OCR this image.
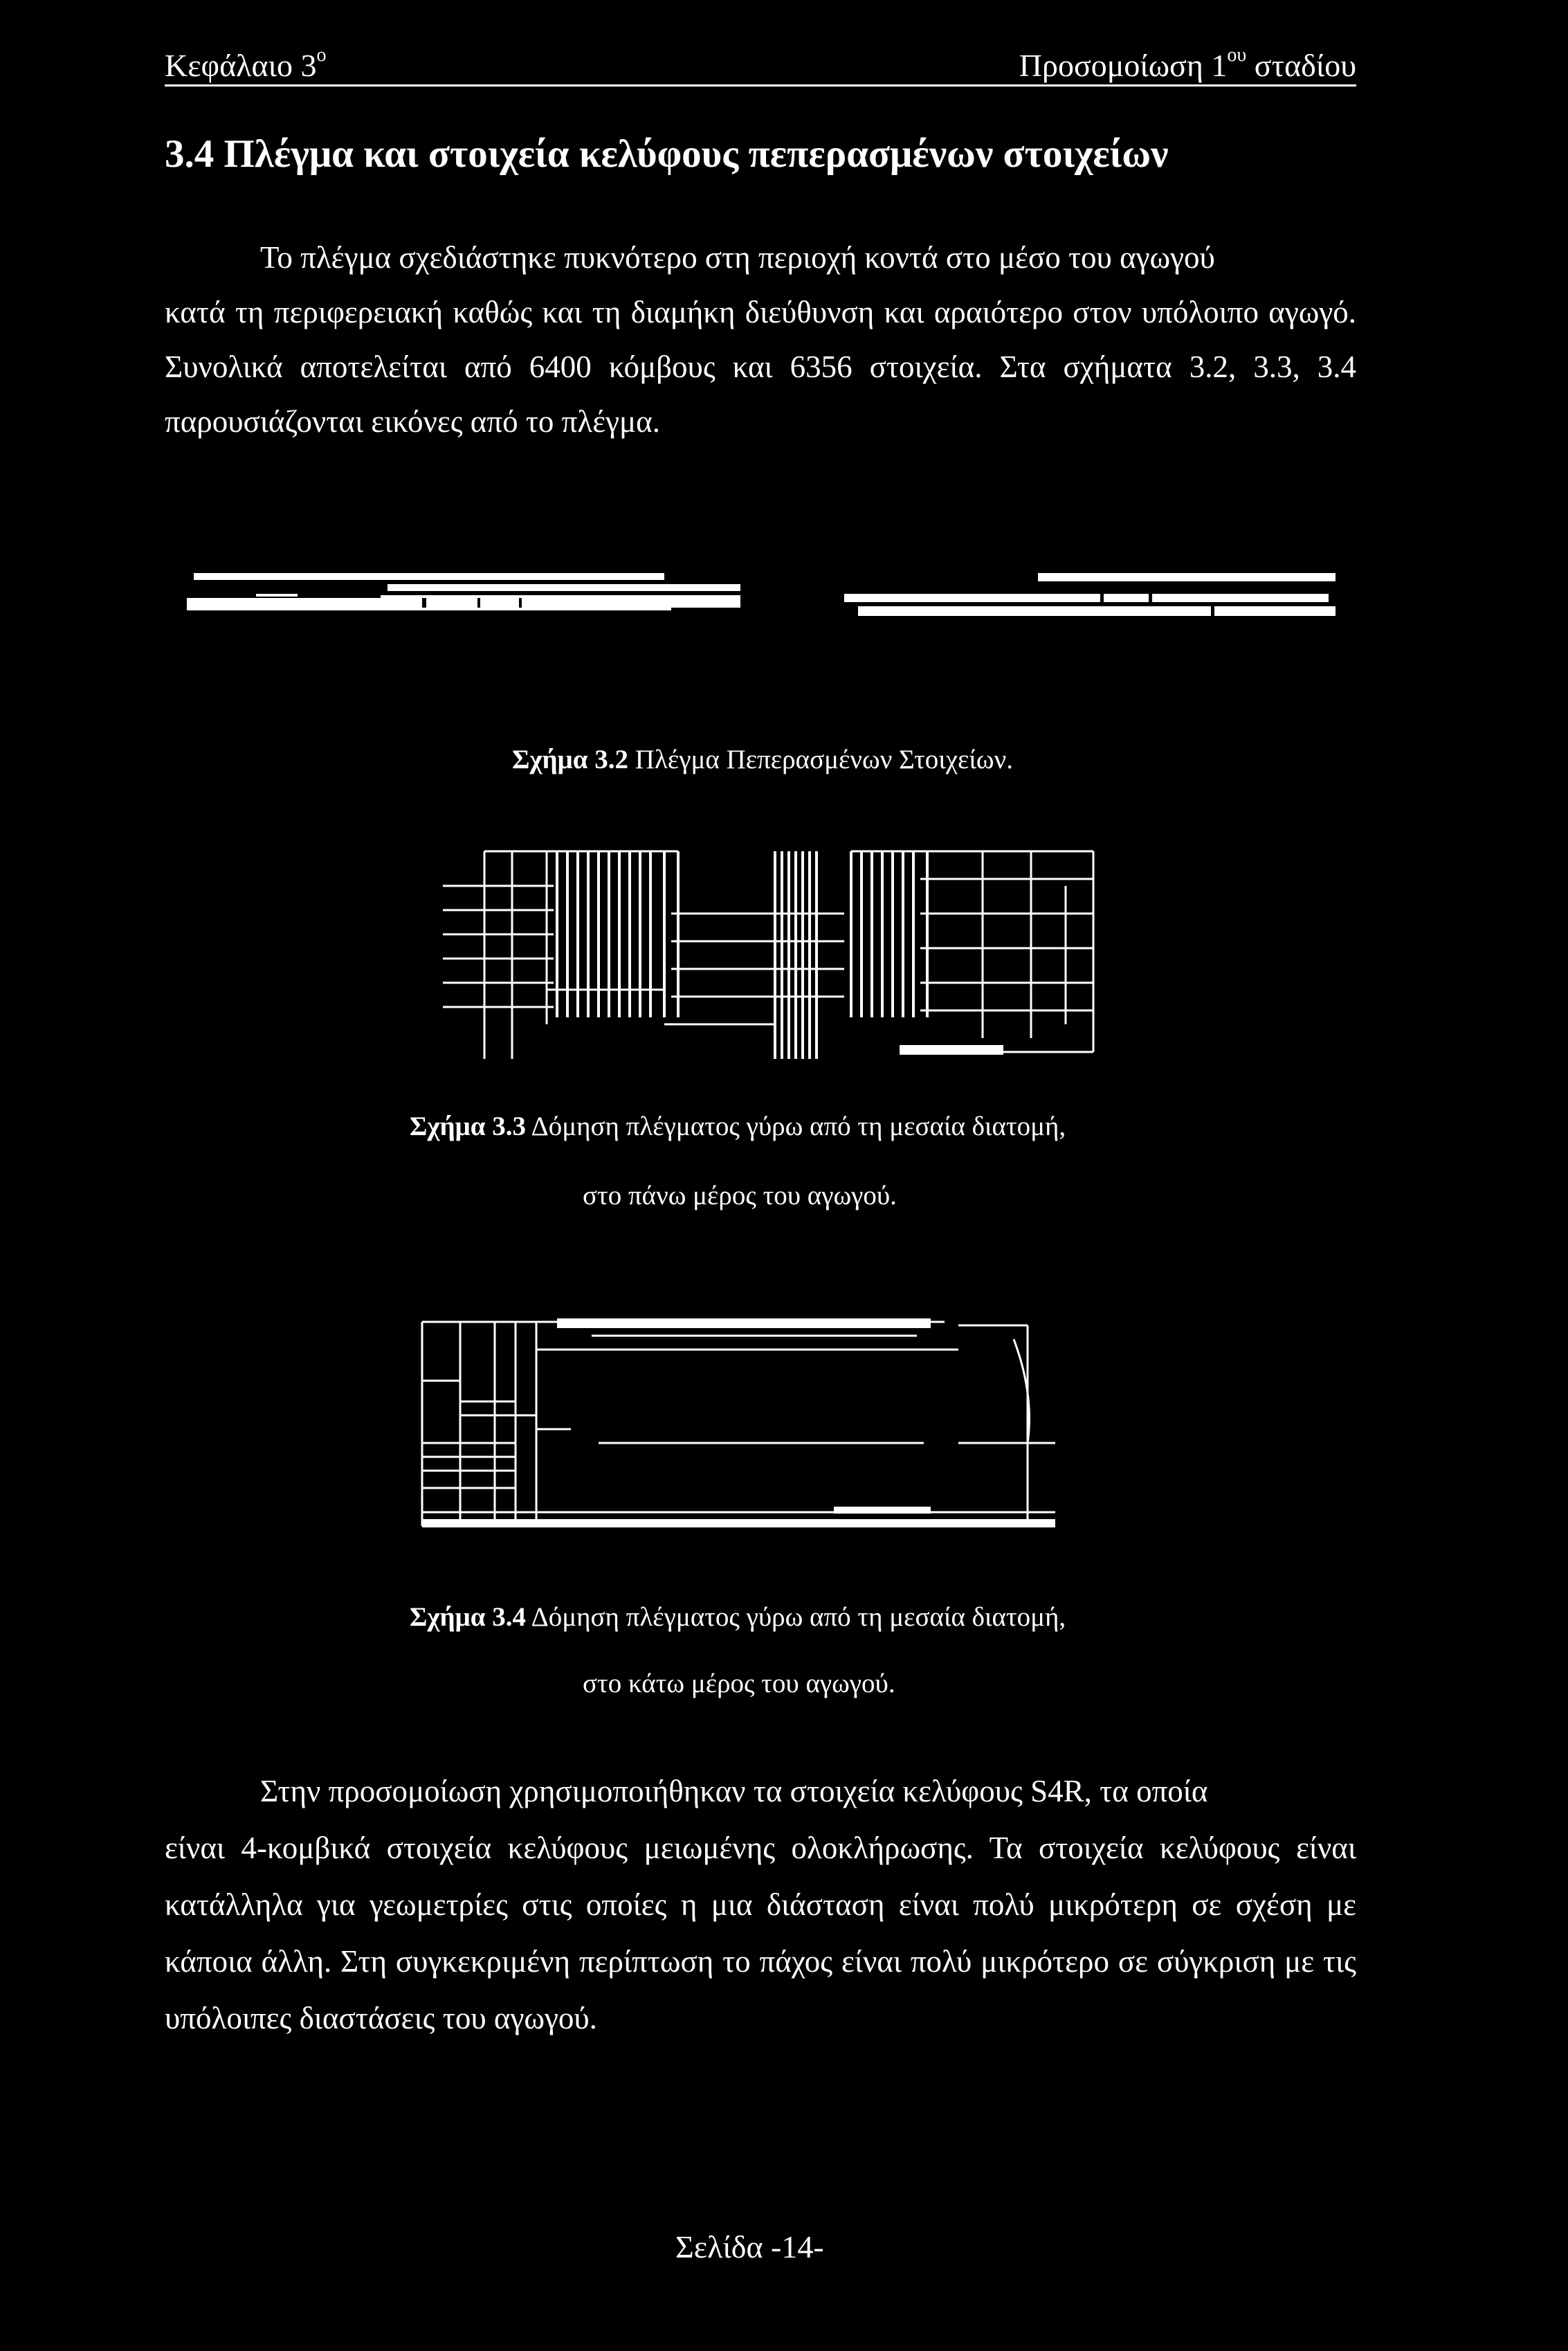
Κεφάλαιο $3^o$	Προσομοίωση $1^{o\upsilon}$ σταδίου
3.4 Πλέγμα και στοιχεία κελύφους πεπερασμένων στοιχείων
Το πλέγμα σχεδιάστηκε πυκνότερο στη περιοχή κοντά στο μέσο του αγωγού
κατά τη περιφερειακή καθώς και τη διαμήκη διεύθυνση και αραιότερο στον υπόλοιπο αγωγό. Συνολικά αποτελείται από 6400 κόμβους και 6356 στοιχεία. Στα σχήματα 3.2, 3.3, 3.4 παρουσιάζονται εικόνες από το πλέγμα.
Σχήμα 3.2 Πλέγμα Πεπερασμένων Στοιχείων.
Σχήμα 3.3 Δόμηση πλέγματος γύρω από τη μεσαία διατομή,
στο πάνω μέρος του αγωγού.
Σχήμα 3.4 Δόμηση πλέγματος γύρω από τη μεσαία διατομή,
στο κάτω μέρος του αγωγού.
Στην προσομοίωση χρησιμοποιήθηκαν τα στοιχεία κελύφους S4R, τα οποία
είναι 4-κομβικά στοιχεία κελύφους μειωμένης ολοκλήρωσης. Τα στοιχεία κελύφους είναι κατάλληλα για γεωμετρίες στις οποίες η μια διάσταση είναι πολύ μικρότερη σε σχέση με κάποια άλλη. Στη συγκεκριμένη περίπτωση το πάχος είναι πολύ μικρότερο σε σύγκριση με τις υπόλοιπες διαστάσεις του αγωγού.
Σελίδα -14-
